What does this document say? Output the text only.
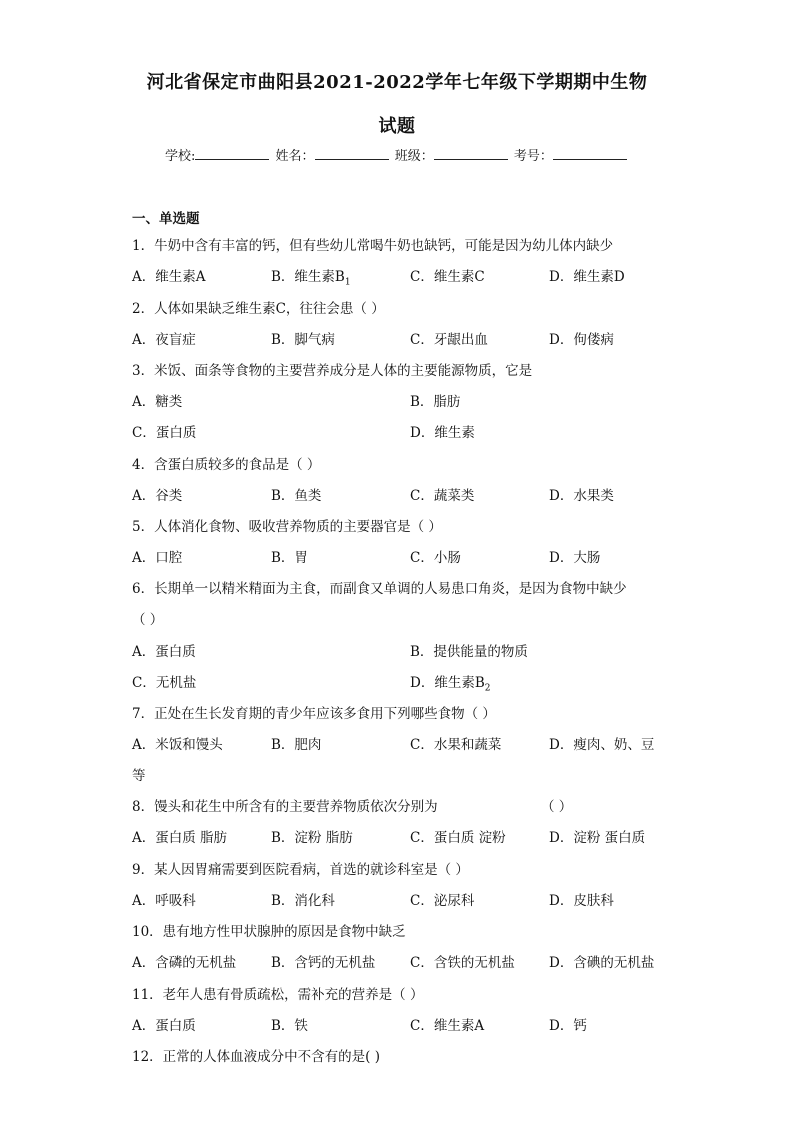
河北省保定市曲阳县2021-2022学年七年级下学期期中生物
试题
学校:	姓名：	班级：	考号：
一、单选题
1．牛奶中含有丰富的钙，但有些幼儿常喝牛奶也缺钙，可能是因为幼儿体内缺少
A．维生素A	B．维生素$B_1$	C．维生素C	D．维生素D
2．人体如果缺乏维生素C，往往会患（ ）
A．夜盲症	B．脚气病	C．牙龈出血	D．佝偻病
3．米饭、面条等食物的主要营养成分是人体的主要能源物质，它是
A．糖类	B．脂肪
C．蛋白质	D．维生素
4．含蛋白质较多的食品是（ ）
A．谷类	B．鱼类	C．蔬菜类	D．水果类
5．人体消化食物、吸收营养物质的主要器官是（ ）
A．口腔	B．胃	C．小肠	D．大肠
6．长期单一以精米精面为主食，而副食又单调的人易患口角炎，是因为食物中缺少
（ ）
A．蛋白质	B．提供能量的物质
C．无机盐	D．维生素$B_2$
7．正处在生长发育期的青少年应该多食用下列哪些食物（ ）
A．米饭和馒头	B．肥肉	C．水果和蔬菜	D．瘦肉、奶、豆
等
8．馒头和花生中所含有的主要营养物质依次分别为	（ ）
A．蛋白质 脂肪	B．淀粉 脂肪	C．蛋白质 淀粉	D．淀粉 蛋白质
9．某人因胃痛需要到医院看病，首选的就诊科室是（ ）
A．呼吸科	B．消化科	C．泌尿科	D．皮肤科
10．患有地方性甲状腺肿的原因是食物中缺乏
A．含磷的无机盐	B．含钙的无机盐	C．含铁的无机盐	D．含碘的无机盐
11．老年人患有骨质疏松，需补充的营养是（ ）
A．蛋白质	B．铁	C．维生素A	D．钙
12．正常的人体血液成分中不含有的是( )
